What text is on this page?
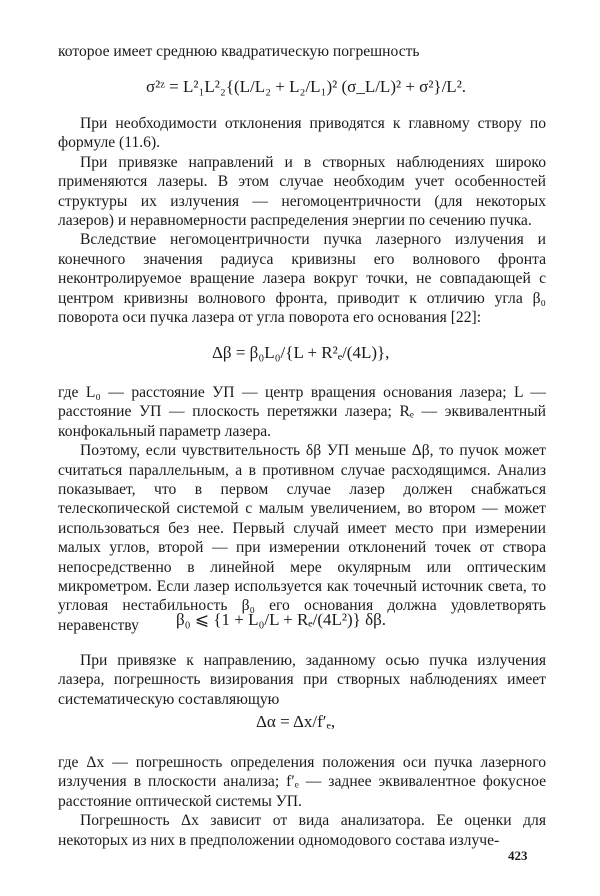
которое имеет среднюю квадратическую погрешность

σ²ᶻ = L²₁L²₂{(L/L₂ + L₂/L₁)² (σ_L/L)² + σ²}/L².

При необходимости отклонения приводятся к главному створу по формуле (11.6).

При привязке направлений и в створных наблюдениях широко применяются лазеры. В этом случае необходим учет особенностей структуры их излучения — негомоцентричности (для некоторых лазеров) и неравномерности распределения энергии по сечению пучка.

Вследствие негомоцентричности пучка лазерного излучения и конечного значения радиуса кривизны его волнового фронта неконтролируемое вращение лазера вокруг точки, не совпадающей с центром кривизны волнового фронта, приводит к отличию угла β₀ поворота оси пучка лазера от угла поворота его основания [22]:

Δβ = β₀L₀/{L + R²ₑ/(4L)},

где L₀ — расстояние УП — центр вращения основания лазера; L — расстояние УП — плоскость перетяжки лазера; Rₑ — эквивалентный конфокальный параметр лазера.

Поэтому, если чувствительность δβ УП меньше Δβ, то пучок может считаться параллельным, а в противном случае расходящимся. Анализ показывает, что в первом случае лазер должен снабжаться телескопической системой с малым увеличением, во втором — может использоваться без нее. Первый случай имеет место при измерении малых углов, второй — при измерении отклонений точек от створа непосредственно в линейной мере окулярным или оптическим микрометром. Если лазер используется как точечный источник света, то угловая нестабильность β₀ его основания должна удовлетворять неравенству	β₀ ⩽ {1 + L₀/L + Rₑ/(4L²)} δβ.

При привязке к направлению, заданному осью пучка излучения лазера, погрешность визирования при створных наблюдениях имеет систематическую составляющую

Δα = Δx/f′ₑ,

где Δx — погрешность определения положения оси пучка лазерного излучения в плоскости анализа; f′ₑ — заднее эквивалентное фокусное расстояние оптической системы УП.

Погрешность Δx зависит от вида анализатора. Ее оценки для некоторых из них в предположении одномодового состава излуче-

423
